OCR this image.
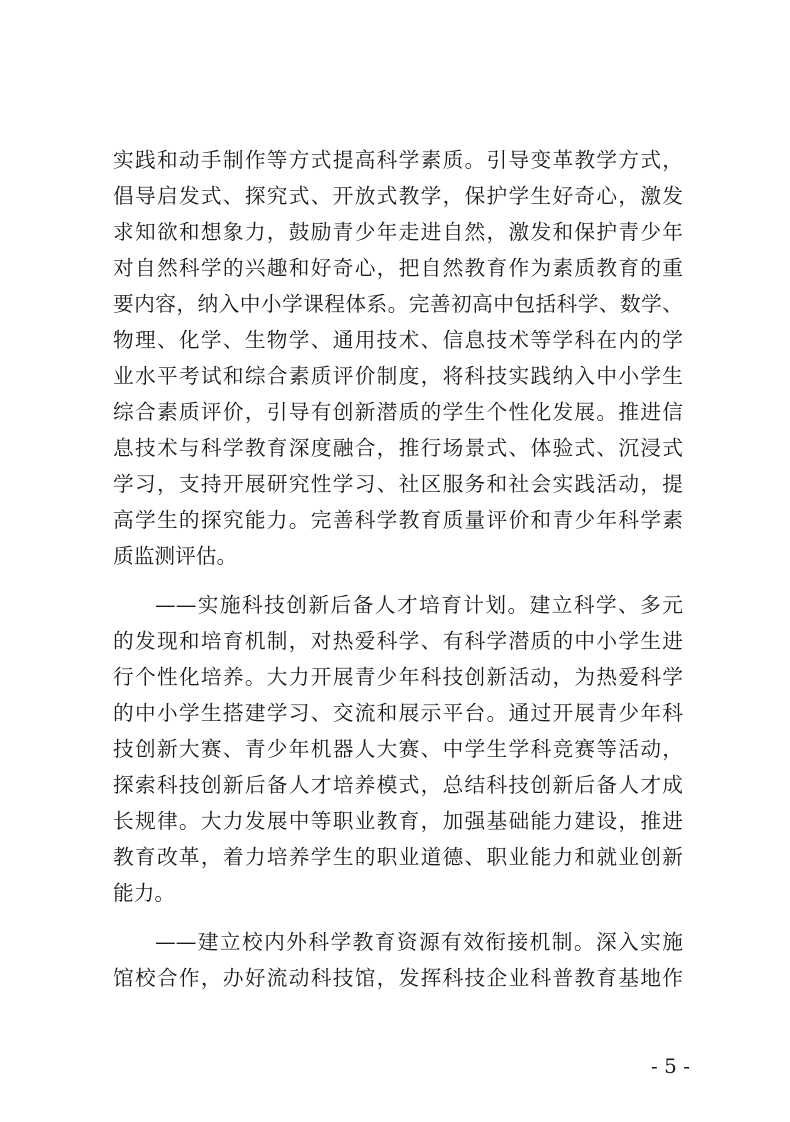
实践和动手制作等方式提高科学素质。引导变革教学方式，
倡导启发式、探究式、开放式教学，保护学生好奇心，激发
求知欲和想象力，鼓励青少年走进自然，激发和保护青少年
对自然科学的兴趣和好奇心，把自然教育作为素质教育的重
要内容，纳入中小学课程体系。完善初高中包括科学、数学、
物理、化学、生物学、通用技术、信息技术等学科在内的学
业水平考试和综合素质评价制度，将科技实践纳入中小学生
综合素质评价，引导有创新潜质的学生个性化发展。推进信
息技术与科学教育深度融合，推行场景式、体验式、沉浸式
学习，支持开展研究性学习、社区服务和社会实践活动，提
高学生的探究能力。完善科学教育质量评价和青少年科学素
质监测评估。
——实施科技创新后备人才培育计划。建立科学、多元
的发现和培育机制，对热爱科学、有科学潜质的中小学生进
行个性化培养。大力开展青少年科技创新活动，为热爱科学
的中小学生搭建学习、交流和展示平台。通过开展青少年科
技创新大赛、青少年机器人大赛、中学生学科竞赛等活动，
探索科技创新后备人才培养模式，总结科技创新后备人才成
长规律。大力发展中等职业教育，加强基础能力建设，推进
教育改革，着力培养学生的职业道德、职业能力和就业创新
能力。
——建立校内外科学教育资源有效衔接机制。深入实施
馆校合作，办好流动科技馆，发挥科技企业科普教育基地作
- 5 -
